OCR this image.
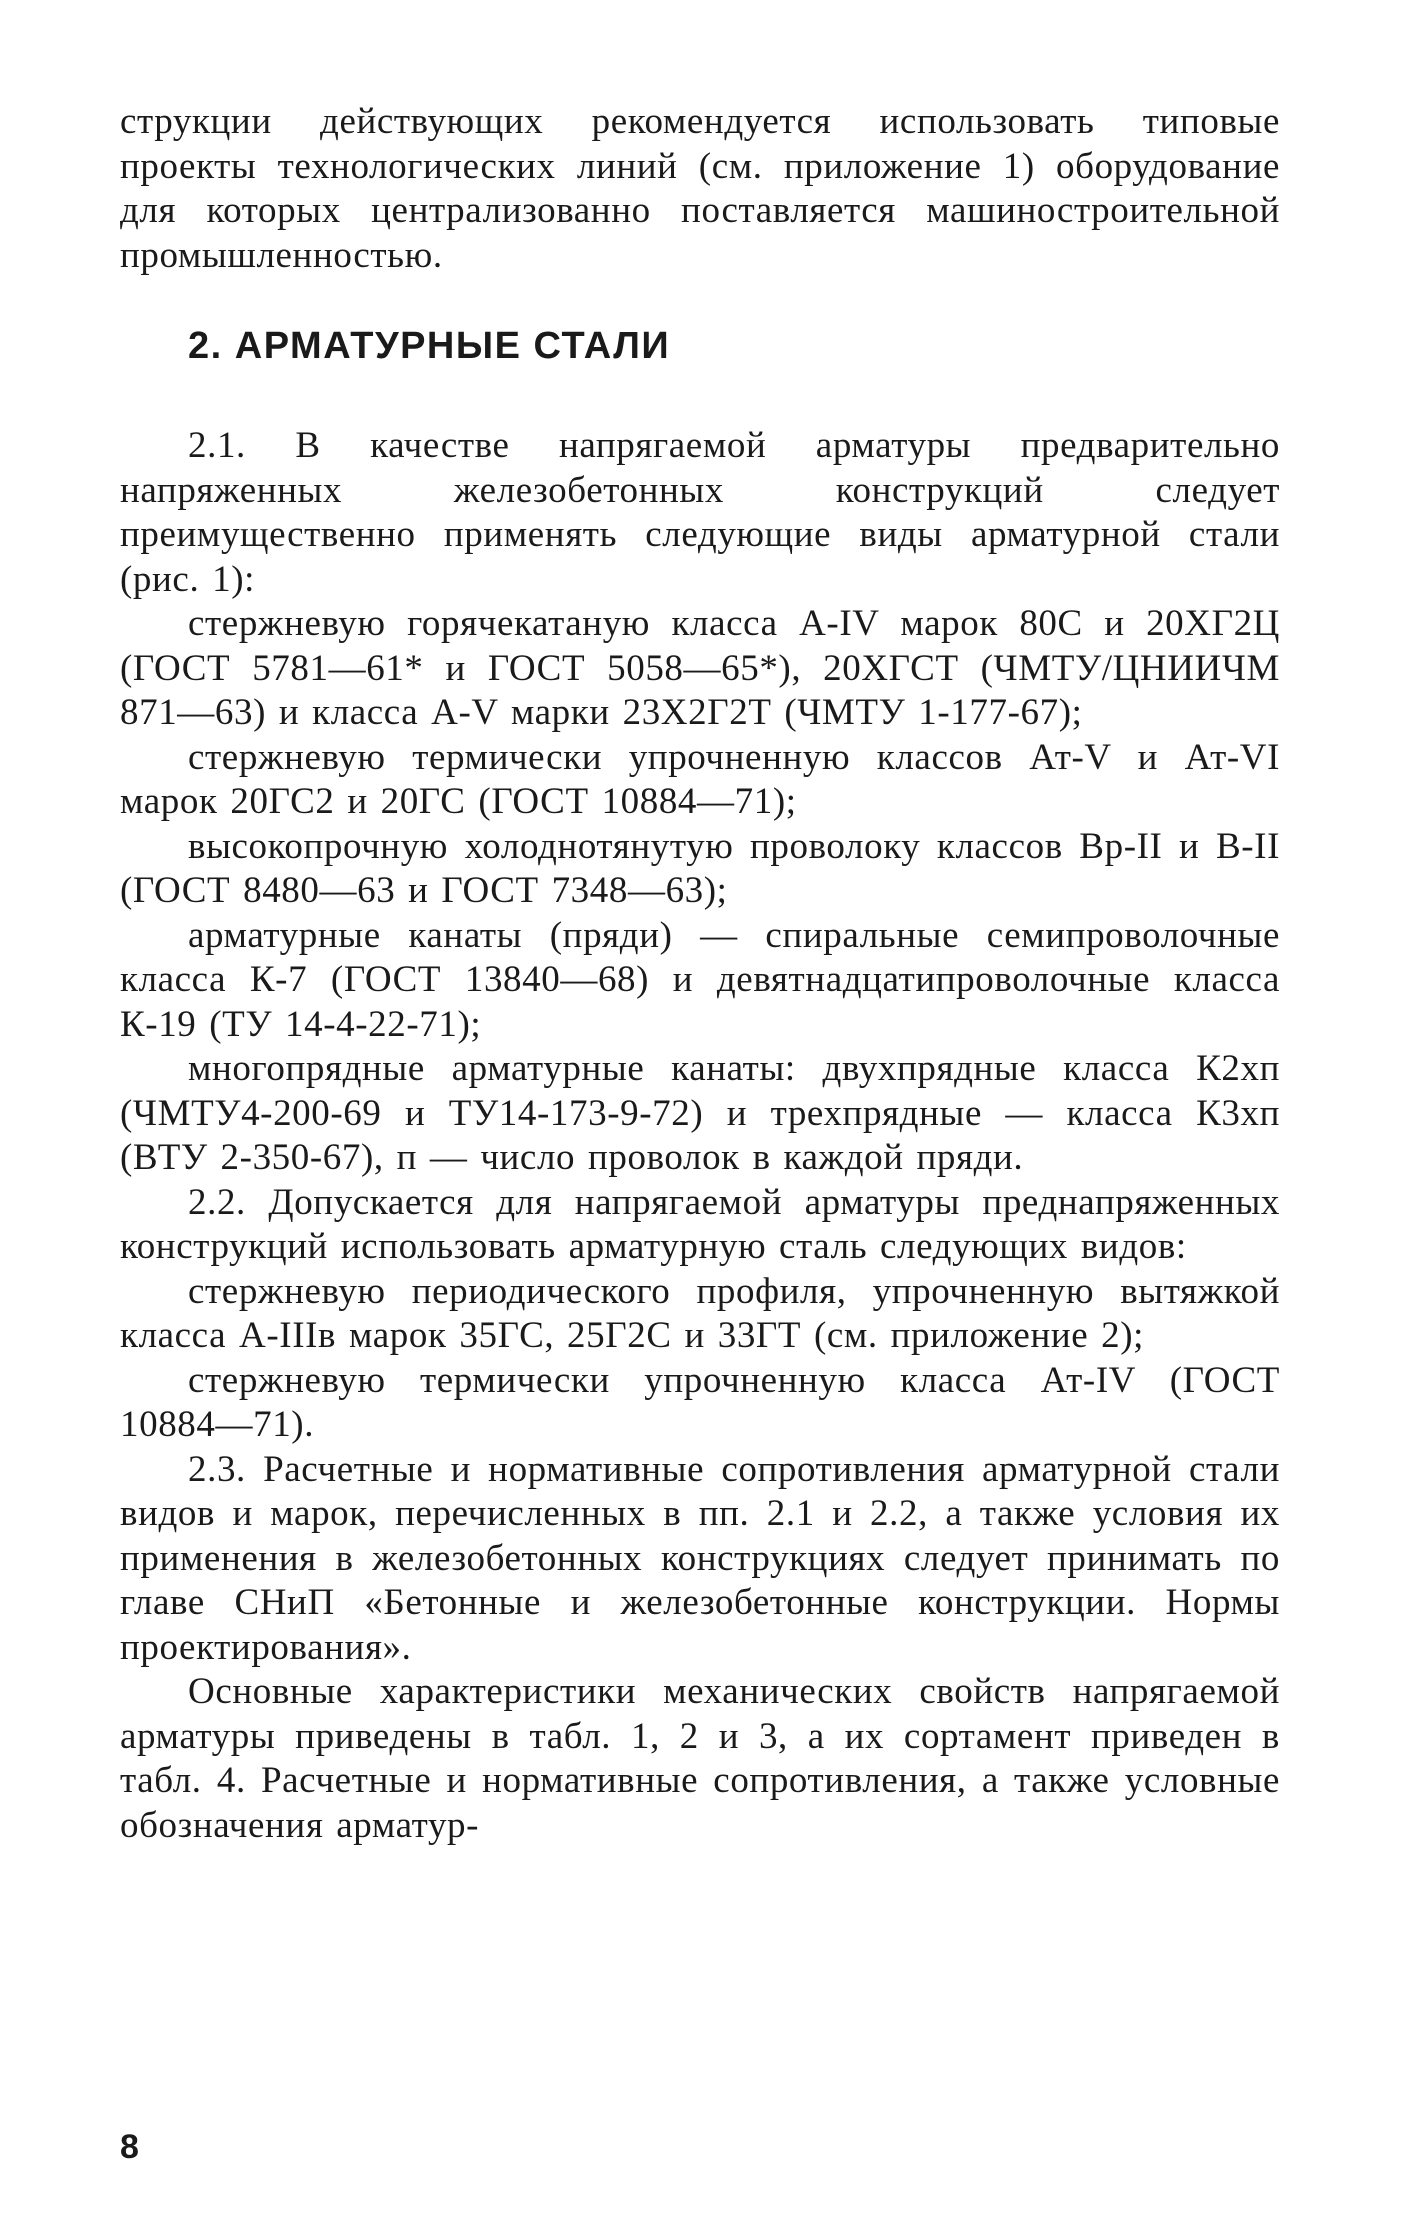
струкции действующих рекомендуется использовать типовые проекты технологических линий (см. приложение 1) оборудование для которых централизованно поставляется машиностроительной промышленностью.

2. АРМАТУРНЫЕ СТАЛИ

2.1. В качестве напрягаемой арматуры предварительно напряженных железобетонных конструкций следует преимущественно применять следующие виды арматурной стали (рис. 1):

стержневую горячекатаную класса А-IV марок 80С и 20ХГ2Ц (ГОСТ 5781—61* и ГОСТ 5058—65*), 20ХГСТ (ЧМТУ/ЦНИИЧМ 871—63) и класса А-V марки 23Х2Г2Т (ЧМТУ 1-177-67);

стержневую термически упрочненную классов Ат-V и Ат-VI марок 20ГС2 и 20ГС (ГОСТ 10884—71);

высокопрочную холоднотянутую проволоку классов Вр-II и В-II (ГОСТ 8480—63 и ГОСТ 7348—63);

арматурные канаты (пряди) — спиральные семипроволочные класса К-7 (ГОСТ 13840—68) и девятнадцатипроволочные класса К-19 (ТУ 14-4-22-71);

многопрядные арматурные канаты: двухпрядные класса К2хп (ЧМТУ4-200-69 и ТУ14-173-9-72) и трехпрядные — класса К3хп (ВТУ 2-350-67), п — число проволок в каждой пряди.

2.2. Допускается для напрягаемой арматуры преднапряженных конструкций использовать арматурную сталь следующих видов:

стержневую периодического профиля, упрочненную вытяжкой класса А-IIIв марок 35ГС, 25Г2С и 33ГТ (см. приложение 2);

стержневую термически упрочненную класса Ат-IV (ГОСТ 10884—71).

2.3. Расчетные и нормативные сопротивления арматурной стали видов и марок, перечисленных в пп. 2.1 и 2.2, а также условия их применения в железобетонных конструкциях следует принимать по главе СНиП «Бетонные и железобетонные конструкции. Нормы проектирования».

Основные характеристики механических свойств напрягаемой арматуры приведены в табл. 1, 2 и 3, а их сортамент приведен в табл. 4. Расчетные и нормативные сопротивления, а также условные обозначения арматур-

8
